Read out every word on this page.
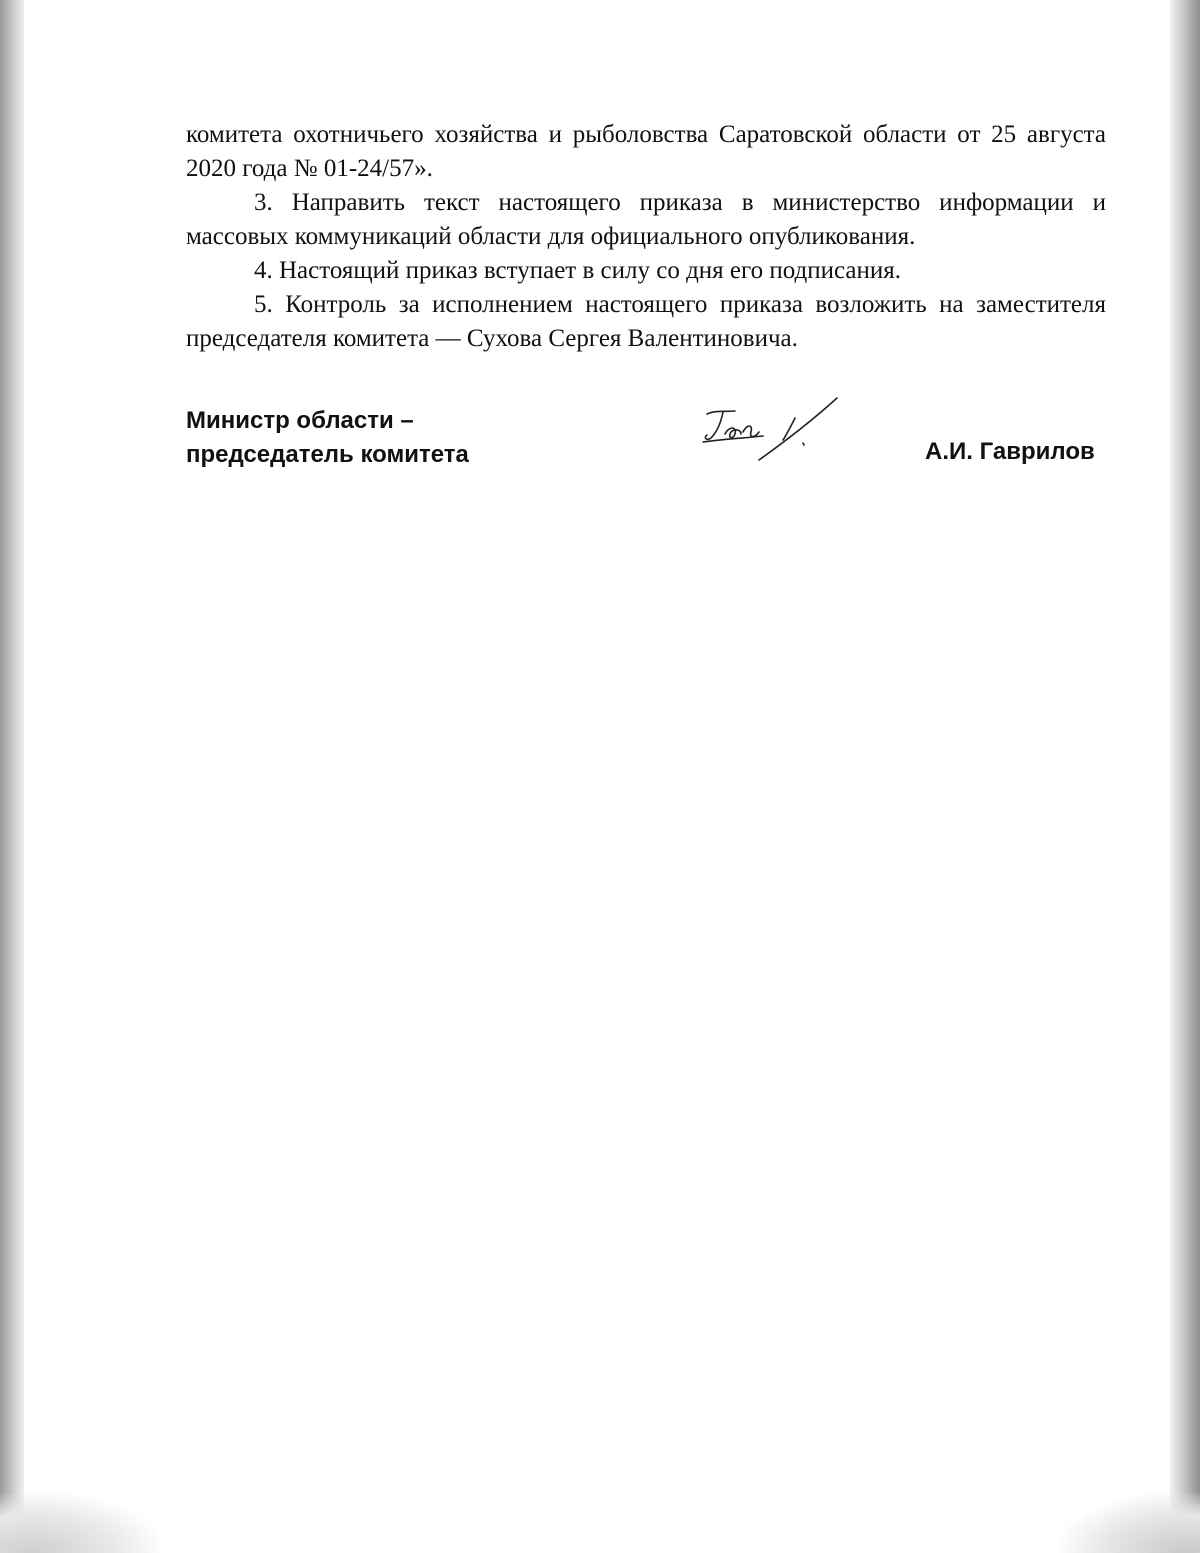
комитета охотничьего хозяйства и рыболовства Саратовской области от 25 августа 2020 года № 01-24/57».

3. Направить текст настоящего приказа в министерство информации и массовых коммуникаций области для официального опубликования.

4. Настоящий приказ вступает в силу со дня его подписания.

5. Контроль за исполнением настоящего приказа возложить на заместителя председателя комитета — Сухова Сергея Валентиновича.

Министр области –
председатель комитета	А.И. Гаврилов
